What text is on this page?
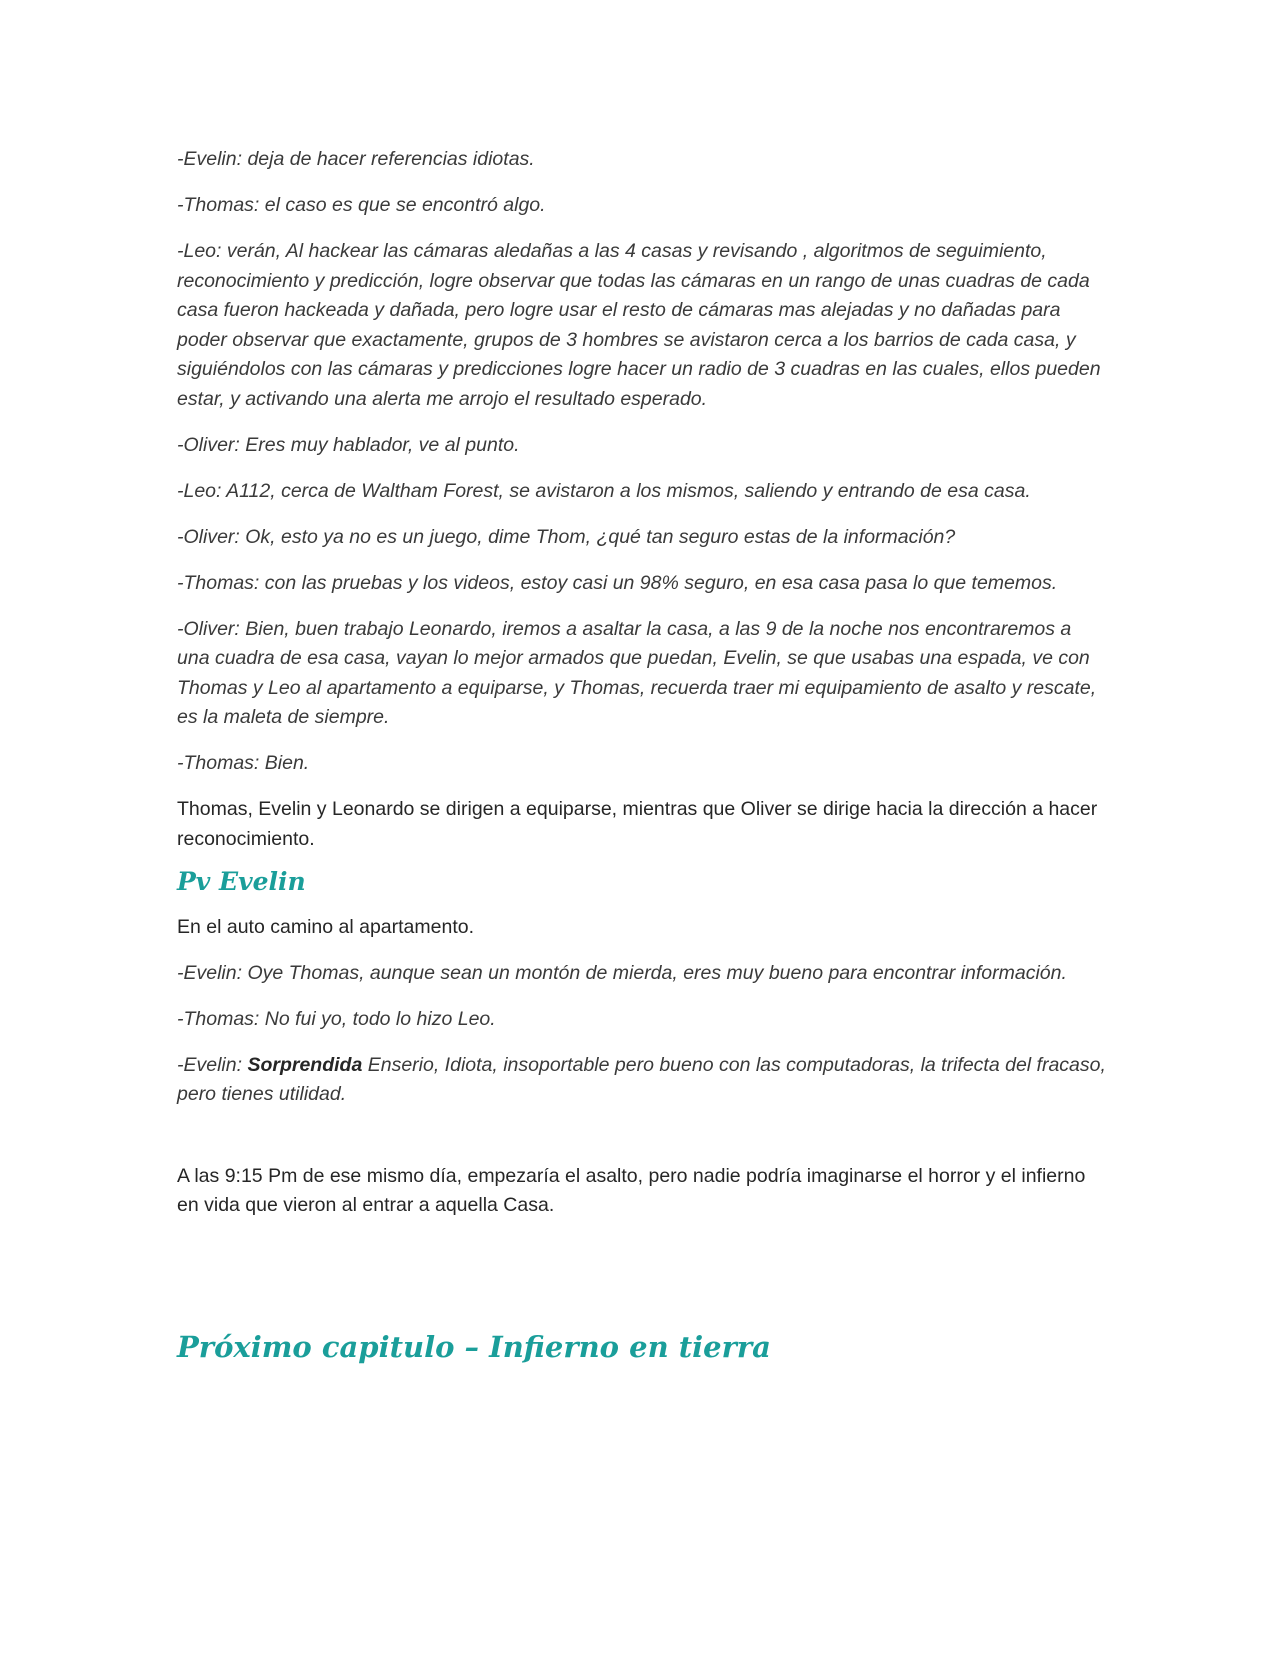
-Evelin: deja de hacer referencias idiotas.

-Thomas: el caso es que se encontró algo.

-Leo: verán, Al hackear las cámaras aledañas a las 4 casas y revisando , algoritmos de seguimiento, reconocimiento y predicción, logre observar que todas las cámaras en un rango de unas cuadras de cada casa fueron hackeada y dañada, pero logre usar el resto de cámaras mas alejadas y no dañadas para poder observar que exactamente, grupos de 3 hombres se avistaron cerca a los barrios de cada casa, y siguiéndolos con las cámaras y predicciones logre hacer un radio de 3 cuadras en las cuales, ellos pueden estar, y activando una alerta me arrojo el resultado esperado.

-Oliver: Eres muy hablador, ve al punto.

-Leo: A112, cerca de Waltham Forest, se avistaron a los mismos, saliendo y entrando de esa casa.

-Oliver: Ok, esto ya no es un juego, dime Thom, ¿qué tan seguro estas de la información?

-Thomas: con las pruebas y los videos, estoy casi un 98% seguro, en esa casa pasa lo que tememos.

-Oliver: Bien, buen trabajo Leonardo, iremos a asaltar la casa, a las 9 de la noche nos encontraremos a una cuadra de esa casa, vayan lo mejor armados que puedan, Evelin, se que usabas una espada, ve con Thomas y Leo al apartamento a equiparse, y Thomas, recuerda traer mi equipamiento de asalto y rescate, es la maleta de siempre.

-Thomas: Bien.

Thomas, Evelin y Leonardo se dirigen a equiparse, mientras que Oliver se dirige hacia la dirección a hacer reconocimiento.

Pv Evelin

En el auto camino al apartamento.

-Evelin: Oye Thomas, aunque sean un montón de mierda, eres muy bueno para encontrar información.

-Thomas: No fui yo, todo lo hizo Leo.

-Evelin: Sorprendida Enserio, Idiota, insoportable pero bueno con las computadoras, la trifecta del fracaso, pero tienes utilidad.

A las 9:15 Pm de ese mismo día, empezaría el asalto, pero nadie podría imaginarse el horror y el infierno en vida que vieron al entrar a aquella Casa.

Próximo capitulo – Infierno en tierra
